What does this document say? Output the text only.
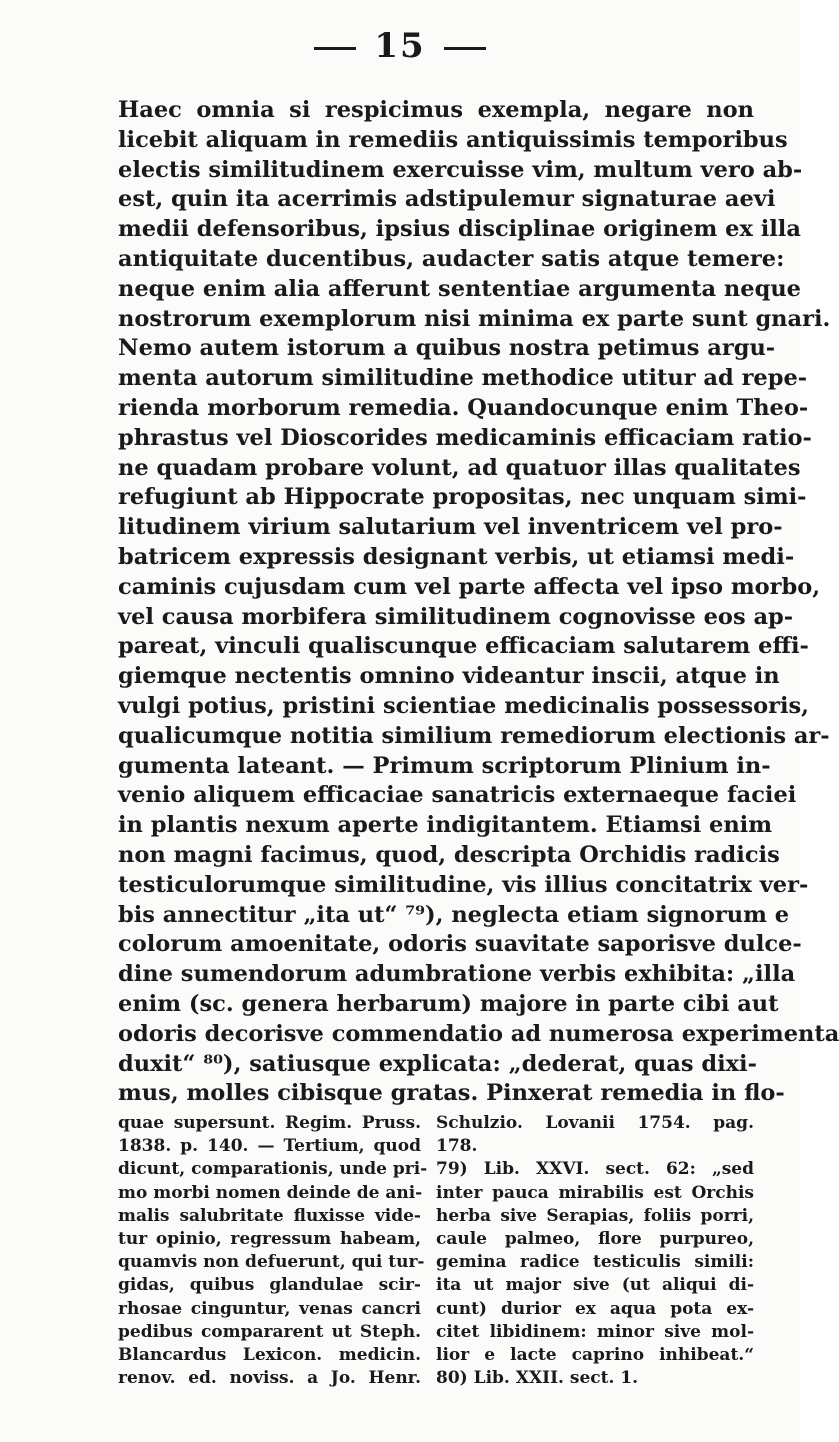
15
Haec omnia si respicimus exempla, negare non
licebit aliquam in remediis antiquissimis temporibus
electis similitudinem exercuisse vim, multum vero ab-
est, quin ita acerrimis adstipulemur signaturae aevi
medii defensoribus, ipsius disciplinae originem ex illa
antiquitate ducentibus, audacter satis atque temere:
neque enim alia afferunt sententiae argumenta neque
nostrorum exemplorum nisi minima ex parte sunt gnari.
Nemo autem istorum a quibus nostra petimus argu-
menta autorum similitudine methodice utitur ad repe-
rienda morborum remedia. Quandocunque enim Theo-
phrastus vel Dioscorides medicaminis efficaciam ratio-
ne quadam probare volunt, ad quatuor illas qualitates
refugiunt ab Hippocrate propositas, nec unquam simi-
litudinem virium salutarium vel inventricem vel pro-
batricem expressis designant verbis, ut etiamsi medi-
caminis cujusdam cum vel parte affecta vel ipso morbo,
vel causa morbifera similitudinem cognovisse eos ap-
pareat, vinculi qualiscunque efficaciam salutarem effi-
giemque nectentis omnino videantur inscii, atque in
vulgi potius, pristini scientiae medicinalis possessoris,
qualicumque notitia similium remediorum electionis ar-
gumenta lateant. — Primum scriptorum Plinium in-
venio aliquem efficaciae sanatricis externaeque faciei
in plantis nexum aperte indigitantem. Etiamsi enim
non magni facimus, quod, descripta Orchidis radicis
testiculorumque similitudine, vis illius concitatrix ver-
bis annectitur „ita ut“ ⁷⁹), neglecta etiam signorum e
colorum amoenitate, odoris suavitate saporisve dulce-
dine sumendorum adumbratione verbis exhibita: „illa
enim (sc. genera herbarum) majore in parte cibi aut
odoris decorisve commendatio ad numerosa experimenta
duxit“ ⁸⁰), satiusque explicata: „dederat, quas dixi-
mus, molles cibisque gratas. Pinxerat remedia in flo-
quae supersunt. Regim. Pruss.
1838. p. 140. — Tertium, quod
dicunt, comparationis, unde pri-
mo morbi nomen deinde de ani-
malis salubritate fluxisse vide-
tur opinio, regressum habeam,
quamvis non defuerunt, qui tur-
gidas, quibus glandulae scir-
rhosae cinguntur, venas cancri
pedibus compararent ut Steph.
Blancardus Lexicon. medicin.
renov. ed. noviss. a Jo. Henr.
Schulzio. Lovanii 1754. pag.
178.
79) Lib. XXVI. sect. 62: „sed
inter pauca mirabilis est Orchis
herba sive Serapias, foliis porri,
caule palmeo, flore purpureo,
gemina radice testiculis simili:
ita ut major sive (ut aliqui di-
cunt) durior ex aqua pota ex-
citet libidinem: minor sive mol-
lior e lacte caprino inhibeat.“
80) Lib. XXII. sect. 1.
